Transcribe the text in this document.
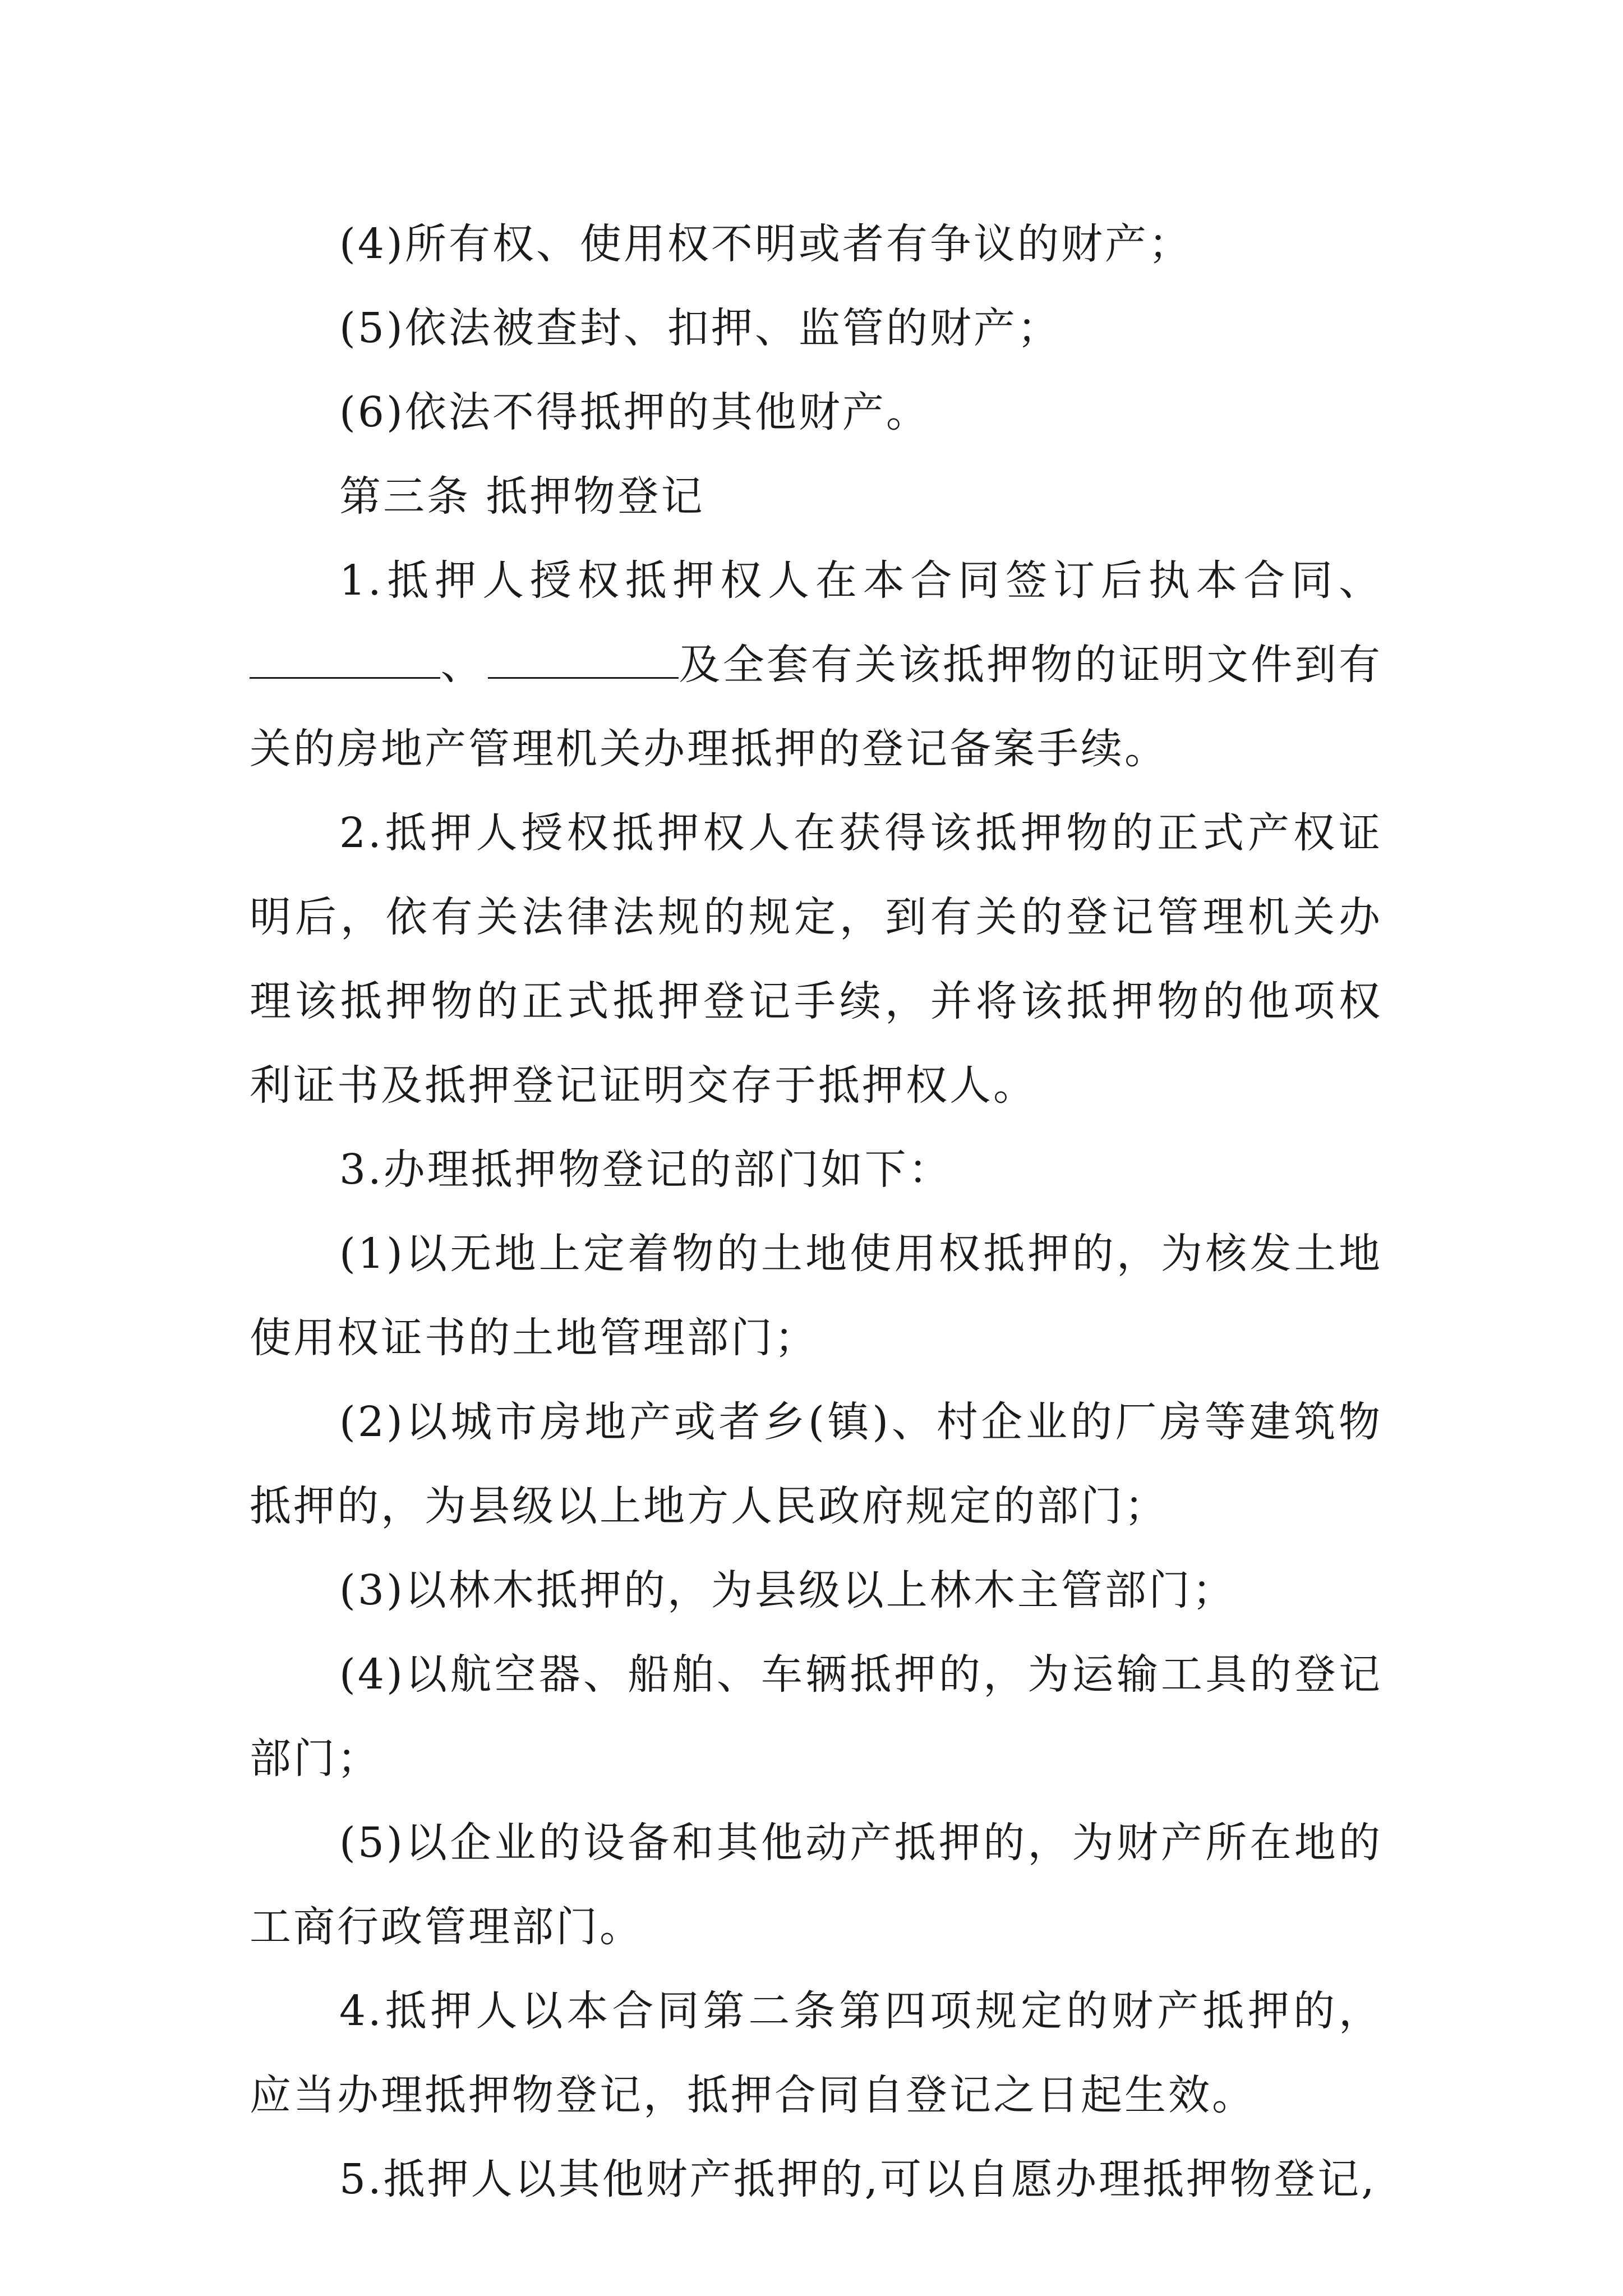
(4)所有权、使用权不明或者有争议的财产；

(5)依法被查封、扣押、监管的财产；

(6)依法不得抵押的其他财产。

第三条 抵押物登记

1.抵押人授权抵押权人在本合同签订后执本合同、、	及全套有关该抵押物的证明文件到有关的房地产管理机关办理抵押的登记备案手续。

2.抵押人授权抵押权人在获得该抵押物的正式产权证明后，依有关法律法规的规定，到有关的登记管理机关办理该抵押物的正式抵押登记手续，并将该抵押物的他项权利证书及抵押登记证明交存于抵押权人。

3.办理抵押物登记的部门如下：

(1)以无地上定着物的土地使用权抵押的，为核发土地使用权证书的土地管理部门；

(2)以城市房地产或者乡(镇)、村企业的厂房等建筑物抵押的，为县级以上地方人民政府规定的部门；

(3)以林木抵押的，为县级以上林木主管部门；

(4)以航空器、船舶、车辆抵押的，为运输工具的登记部门；

(5)以企业的设备和其他动产抵押的，为财产所在地的工商行政管理部门。

4.抵押人以本合同第二条第四项规定的财产抵押的，应当办理抵押物登记，抵押合同自登记之日起生效。

5.抵押人以其他财产抵押的,可以自愿办理抵押物登记,
